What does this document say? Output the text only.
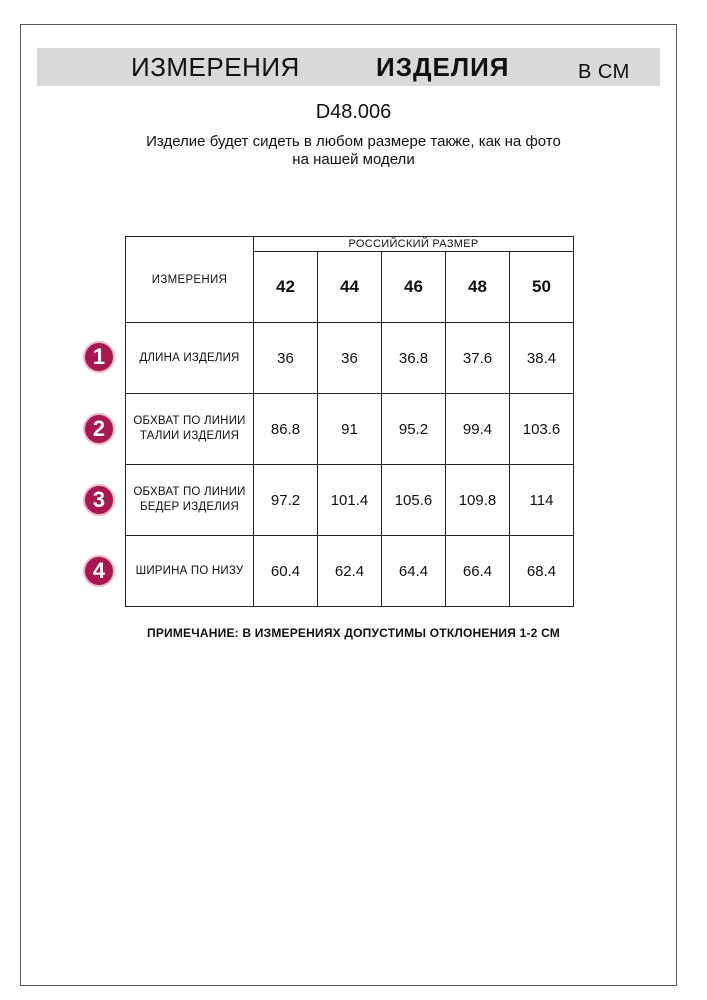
ИЗМЕРЕНИЯ	ИЗДЕЛИЯ	В СМ
D48.006
Изделие будет сидеть в любом размере также, как на фото
на нашей модели
ИЗМЕРЕНИЯ	РОССИЙСКИЙ РАЗМЕР				
	42	44	46	48	50

ДЛИНА ИЗДЕЛИЯ	36	36	36.8	37.6	38.4

ОБХВАТ ПО ЛИНИИ
ТАЛИИ ИЗДЕЛИЯ	86.8	91	95.2	99.4	103.6

ОБХВАТ ПО ЛИНИИ
БЕДЕР ИЗДЕЛИЯ	97.2	101.4	105.6	109.8	114

ШИРИНА ПО НИЗУ	60.4	62.4	64.4	66.4	68.4
1
2
3
4
ПРИМЕЧАНИЕ: В ИЗМЕРЕНИЯХ ДОПУСТИМЫ ОТКЛОНЕНИЯ 1-2 СМ
